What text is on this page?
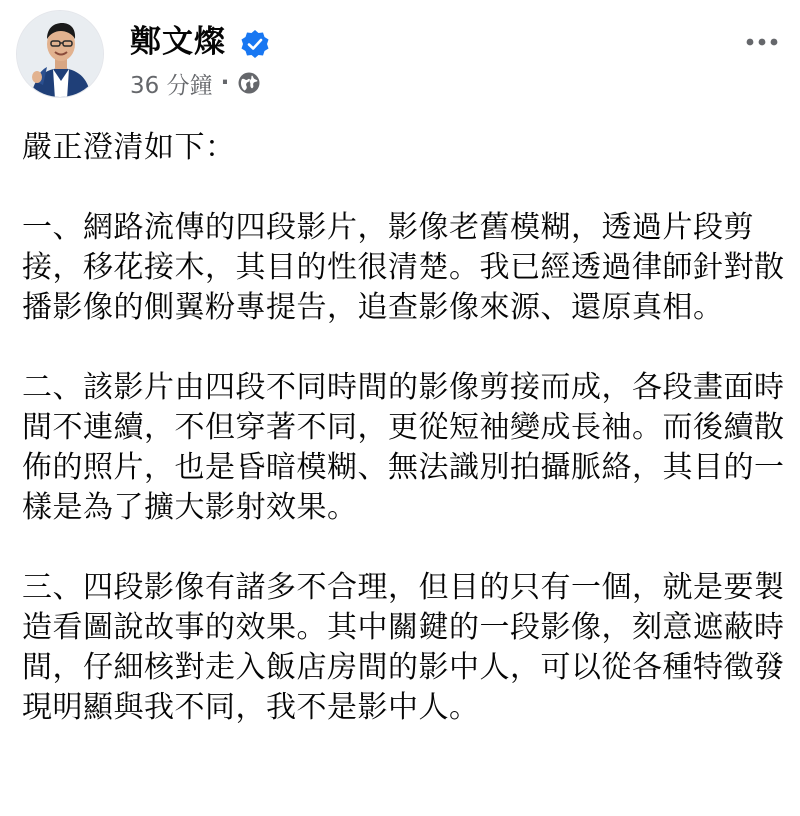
鄭文燦
36 分鐘 ·

嚴正澄清如下：

一、網路流傳的四段影片，影像老舊模糊，透過片段剪接，移花接木，其目的性很清楚。我已經透過律師針對散播影像的側翼粉專提告，追查影像來源、還原真相。

二、該影片由四段不同時間的影像剪接而成，各段畫面時間不連續，不但穿著不同，更從短袖變成長袖。而後續散佈的照片，也是昏暗模糊、無法識別拍攝脈絡，其目的一樣是為了擴大影射效果。

三、四段影像有諸多不合理，但目的只有一個，就是要製造看圖說故事的效果。其中關鍵的一段影像，刻意遮蔽時間，仔細核對走入飯店房間的影中人，可以從各種特徵發現明顯與我不同，我不是影中人。
